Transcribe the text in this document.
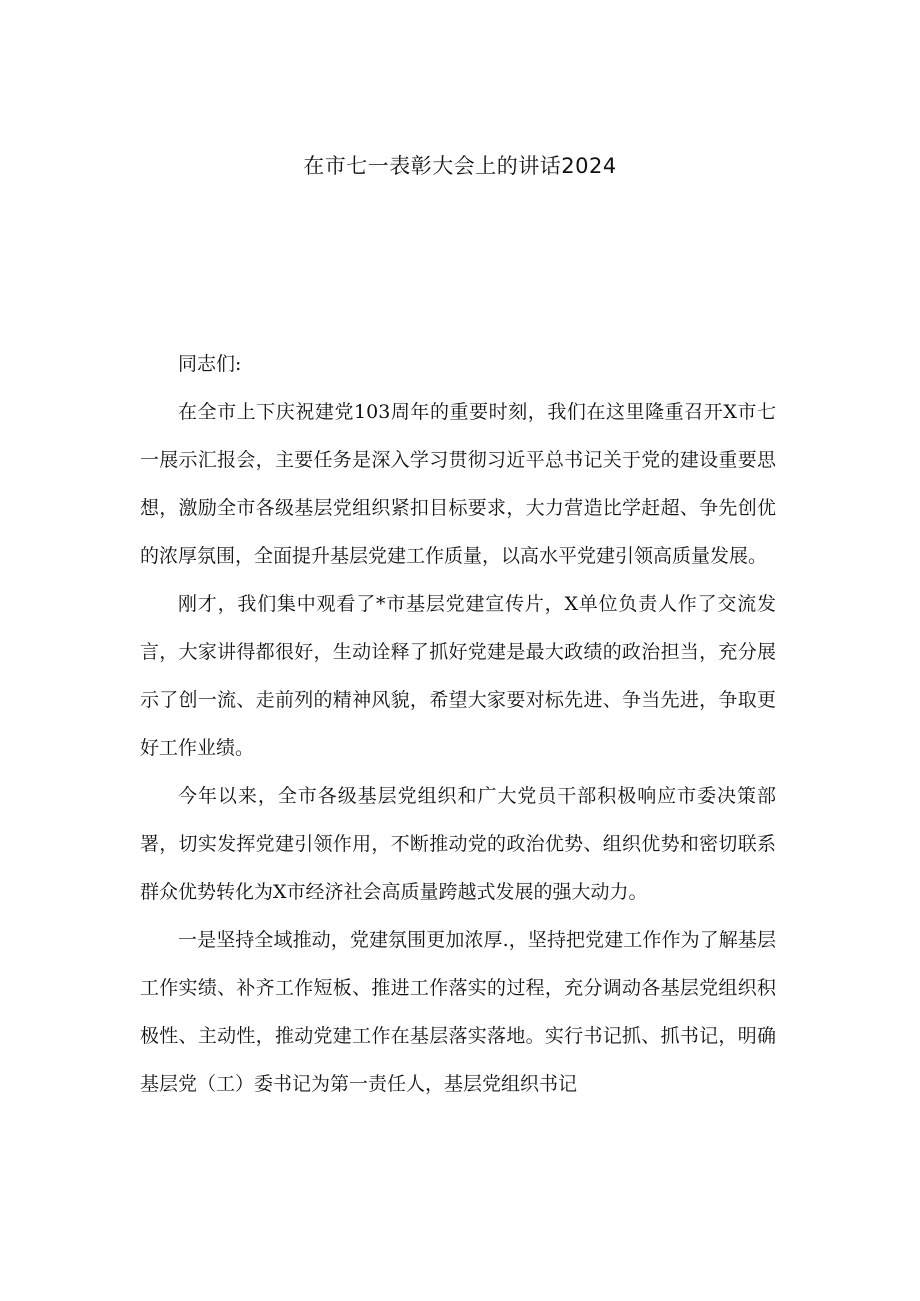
在市七一表彰大会上的讲话2024

同志们:

在全市上下庆祝建党103周年的重要时刻，我们在这里隆重召开X市七一展示汇报会，主要任务是深入学习贯彻习近平总书记关于党的建设重要思想，激励全市各级基层党组织紧扣目标要求，大力营造比学赶超、争先创优的浓厚氛围，全面提升基层党建工作质量，以高水平党建引领高质量发展。

刚才，我们集中观看了*市基层党建宣传片，X单位负责人作了交流发言，大家讲得都很好，生动诠释了抓好党建是最大政绩的政治担当，充分展示了创一流、走前列的精神风貌，希望大家要对标先进、争当先进，争取更好工作业绩。

今年以来，全市各级基层党组织和广大党员干部积极响应市委决策部署，切实发挥党建引领作用，不断推动党的政治优势、组织优势和密切联系群众优势转化为X市经济社会高质量跨越式发展的强大动力。

一是坚持全域推动，党建氛围更加浓厚.，坚持把党建工作作为了解基层工作实绩、补齐工作短板、推进工作落实的过程，充分调动各基层党组织积极性、主动性，推动党建工作在基层落实落地。实行书记抓、抓书记，明确基层党（工）委书记为第一责任人，基层党组织书记
